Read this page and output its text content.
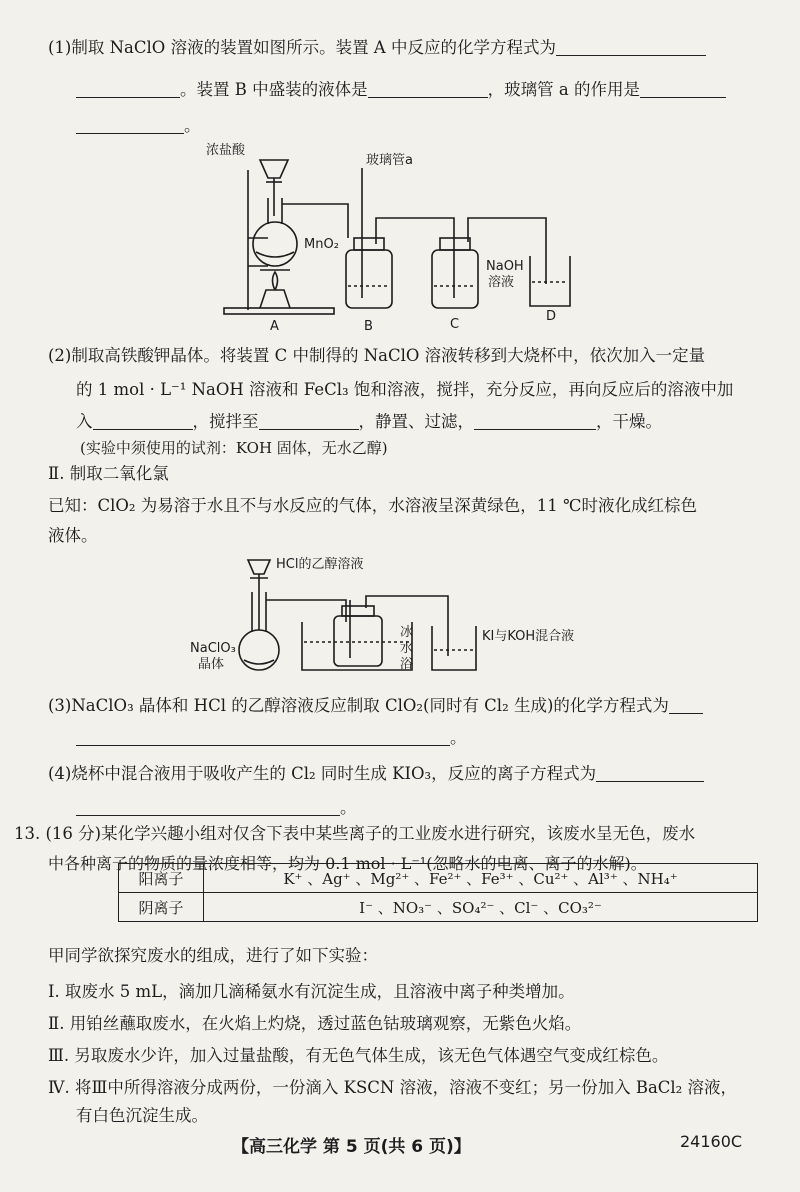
(1)制取 NaClO 溶液的装置如图所示。装置 A 中反应的化学方程式为
。装置 B 中盛装的液体是	，玻璃管 a 的作用是
。
浓盐酸
玻璃管a
MnO₂
NaOH
溶液
A	B	C
D
(2)制取高铁酸钾晶体。将装置 C 中制得的 NaClO 溶液转移到大烧杯中，依次加入一定量
的 1 mol · L⁻¹ NaOH 溶液和 FeCl₃ 饱和溶液，搅拌，充分反应，再向反应后的溶液中加
入	，搅拌至	，静置、过滤，	，干燥。
(实验中须使用的试剂：KOH 固体，无水乙醇)
Ⅱ. 制取二氧化氯
已知：ClO₂ 为易溶于水且不与水反应的气体，水溶液呈深黄绿色，11 ℃时液化成红棕色
液体。
HCl的乙醇溶液
NaClO₃
晶体
冰
水
浴
KI与KOH混合液
(3)NaClO₃ 晶体和 HCl 的乙醇溶液反应制取 ClO₂(同时有 Cl₂ 生成)的化学方程式为
。
(4)烧杯中混合液用于吸收产生的 Cl₂ 同时生成 KIO₃，反应的离子方程式为
。
13. (16 分)某化学兴趣小组对仅含下表中某些离子的工业废水进行研究，该废水呈无色，废水
中各种离子的物质的量浓度相等，均为 0.1 mol · L⁻¹(忽略水的电离、离子的水解)。
阳离子	K⁺ 、Ag⁺ 、Mg²⁺ 、Fe²⁺ 、Fe³⁺ 、Cu²⁺ 、Al³⁺ 、NH₄⁺
阴离子	I⁻ 、NO₃⁻ 、SO₄²⁻ 、Cl⁻ 、CO₃²⁻
甲同学欲探究废水的组成，进行了如下实验：
Ⅰ. 取废水 5 mL，滴加几滴稀氨水有沉淀生成，且溶液中离子种类增加。
Ⅱ. 用铂丝蘸取废水，在火焰上灼烧，透过蓝色钴玻璃观察，无紫色火焰。
Ⅲ. 另取废水少许，加入过量盐酸，有无色气体生成，该无色气体遇空气变成红棕色。
Ⅳ. 将Ⅲ中所得溶液分成两份，一份滴入 KSCN 溶液，溶液不变红；另一份加入 BaCl₂ 溶液，
有白色沉淀生成。
【高三化学 第 5 页(共 6 页)】	24160C
